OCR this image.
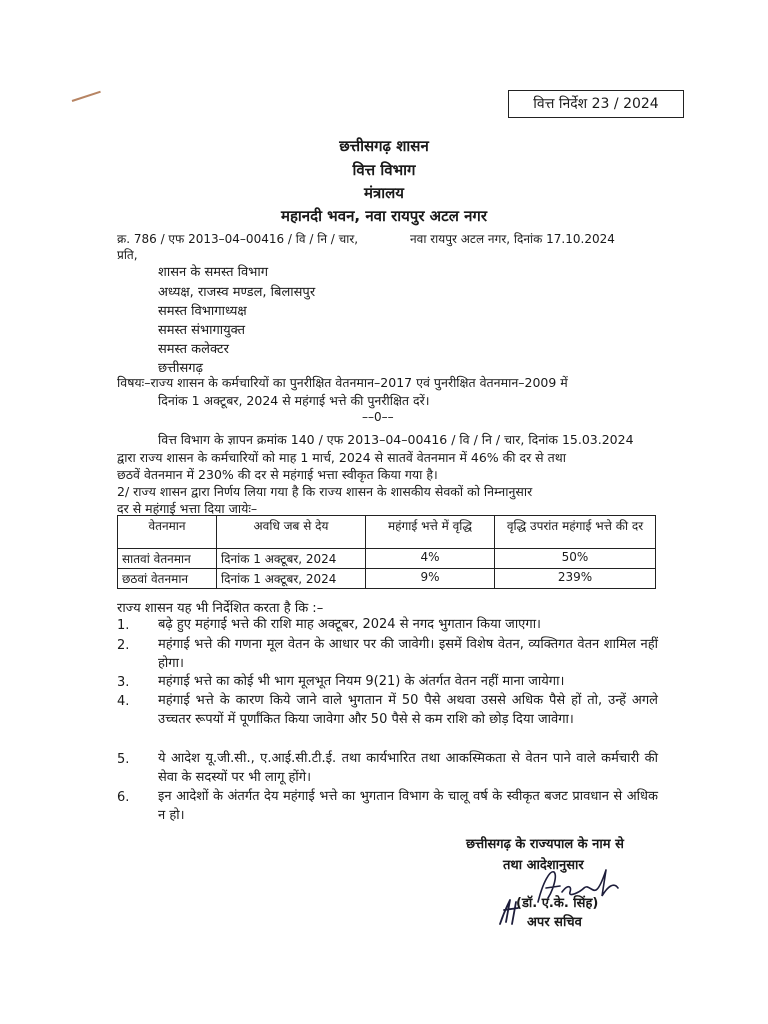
वित्त निर्देश 23 / 2024
छत्तीसगढ़ शासन
वित्त विभाग
मंत्रालय
महानदी भवन, नवा रायपुर अटल नगर
क्र. 786 / एफ 2013–04–00416 / वि / नि / चार,	नवा रायपुर अटल नगर, दिनांक 17.10.2024
प्रति,
शासन के समस्त विभाग
अध्यक्ष, राजस्व मण्डल, बिलासपुर
समस्त विभागाध्यक्ष
समस्त संभागायुक्त
समस्त कलेक्टर
छत्तीसगढ़
विषयः–राज्य शासन के कर्मचारियों का पुनरीक्षित वेतनमान–2017 एवं पुनरीक्षित वेतनमान–2009 में
दिनांक 1 अक्टूबर, 2024 से महंगाई भत्ते की पुनरीक्षित दरें।
––0––
वित्त विभाग के ज्ञापन क्रमांक 140 / एफ 2013–04–00416 / वि / नि / चार, दिनांक 15.03.2024
द्वारा राज्य शासन के कर्मचारियों को माह 1 मार्च, 2024 से सातवें वेतनमान में 46% की दर से तथा
छठवें वेतनमान में 230% की दर से महंगाई भत्ता स्वीकृत किया गया है।
2/ राज्य शासन द्वारा निर्णय लिया गया है कि राज्य शासन के शासकीय सेवकों को निम्नानुसार
दर से महंगाई भत्ता दिया जायेः–
वेतनमान	अवधि जब से देय	महंगाई भत्ते में वृद्धि	वृद्धि उपरांत महंगाई भत्ते की दर
सातवां वेतनमान	दिनांक 1 अक्टूबर, 2024	4%	50%
छठवां वेतनमान	दिनांक 1 अक्टूबर, 2024	9%	239%
राज्य शासन यह भी निर्देशित करता है कि :–
1. बढ़े हुए महंगाई भत्ते की राशि माह अक्टूबर, 2024 से नगद भुगतान किया जाएगा।
2. महंगाई भत्ते की गणना मूल वेतन के आधार पर की जावेगी। इसमें विशेष वेतन, व्यक्तिगत वेतन शामिल नहीं होगा।
3. महंगाई भत्ते का कोई भी भाग मूलभूत नियम 9(21) के अंतर्गत वेतन नहीं माना जायेगा।
4. महंगाई भत्ते के कारण किये जाने वाले भुगतान में 50 पैसे अथवा उससे अधिक पैसे हों तो, उन्हें अगले उच्चतर रूपयों में पूर्णांकित किया जावेगा और 50 पैसे से कम राशि को छोड़ दिया जावेगा।
5. ये आदेश यू.जी.सी., ए.आई.सी.टी.ई. तथा कार्यभारित तथा आकस्मिकता से वेतन पाने वाले कर्मचारी की सेवा के सदस्यों पर भी लागू होंगे।
6. इन आदेशों के अंतर्गत देय महंगाई भत्ते का भुगतान विभाग के चालू वर्ष के स्वीकृत बजट प्रावधान से अधिक न हो।
छत्तीसगढ़ के राज्यपाल के नाम से
तथा आदेशानुसार
(डॉ. ए.के. सिंह)
अपर सचिव
